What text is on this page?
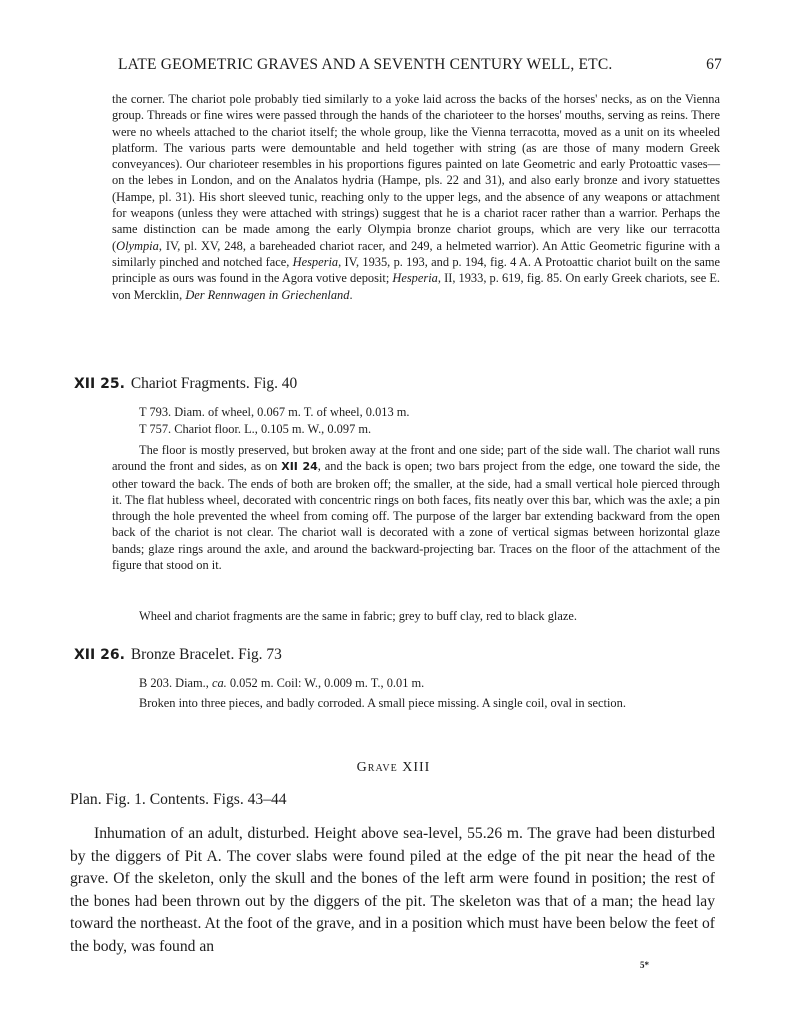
LATE GEOMETRIC GRAVES AND A SEVENTH CENTURY WELL, ETC.	67

the corner. The chariot pole probably tied similarly to a yoke laid across the backs of the horses' necks, as on the Vienna group. Threads or fine wires were passed through the hands of the charioteer to the horses' mouths, serving as reins. There were no wheels attached to the chariot itself; the whole group, like the Vienna terracotta, moved as a unit on its wheeled platform. The various parts were demountable and held together with string (as are those of many modern Greek conveyances). Our charioteer resembles in his proportions figures painted on late Geometric and early Protoattic vases—on the lebes in London, and on the Analatos hydria (Hampe, pls. 22 and 31), and also early bronze and ivory statuettes (Hampe, pl. 31). His short sleeved tunic, reaching only to the upper legs, and the absence of any weapons or attachment for weapons (unless they were attached with strings) suggest that he is a chariot racer rather than a warrior. Perhaps the same distinction can be made among the early Olympia bronze chariot groups, which are very like our terracotta (Olympia, IV, pl. XV, 248, a bareheaded chariot racer, and 249, a helmeted warrior). An Attic Geometric figurine with a similarly pinched and notched face, Hesperia, IV, 1935, p. 193, and p. 194, fig. 4 A. A Protoattic chariot built on the same principle as ours was found in the Agora votive deposit; Hesperia, II, 1933, p. 619, fig. 85. On early Greek chariots, see E. von Mercklin, Der Rennwagen in Griechenland.

XII 25. Chariot Fragments. Fig. 40
T 793. Diam. of wheel, 0.067 m. T. of wheel, 0.013 m.
T 757. Chariot floor. L., 0.105 m. W., 0.097 m.

The floor is mostly preserved, but broken away at the front and one side; part of the side wall. The chariot wall runs around the front and sides, as on XII 24, and the back is open; two bars project from the edge, one toward the side, the other toward the back. The ends of both are broken off; the smaller, at the side, had a small vertical hole pierced through it. The flat hubless wheel, decorated with concentric rings on both faces, fits neatly over this bar, which was the axle; a pin through the hole prevented the wheel from coming off. The purpose of the larger bar extending backward from the open back of the chariot is not clear. The chariot wall is decorated with a zone of vertical sigmas between horizontal glaze bands; glaze rings around the axle, and around the backward-projecting bar. Traces on the floor of the attachment of the figure that stood on it.

Wheel and chariot fragments are the same in fabric; grey to buff clay, red to black glaze.

XII 26. Bronze Bracelet. Fig. 73
B 203. Diam., ca. 0.052 m. Coil: W., 0.009 m. T., 0.01 m.

Broken into three pieces, and badly corroded. A small piece missing. A single coil, oval in section.

Grave XIII
Plan. Fig. 1. Contents. Figs. 43–44

Inhumation of an adult, disturbed. Height above sea-level, 55.26 m. The grave had been disturbed by the diggers of Pit A. The cover slabs were found piled at the edge of the pit near the head of the grave. Of the skeleton, only the skull and the bones of the left arm were found in position; the rest of the bones had been thrown out by the diggers of the pit. The skeleton was that of a man; the head lay toward the northeast. At the foot of the grave, and in a position which must have been below the feet of the body, was found an

5*
